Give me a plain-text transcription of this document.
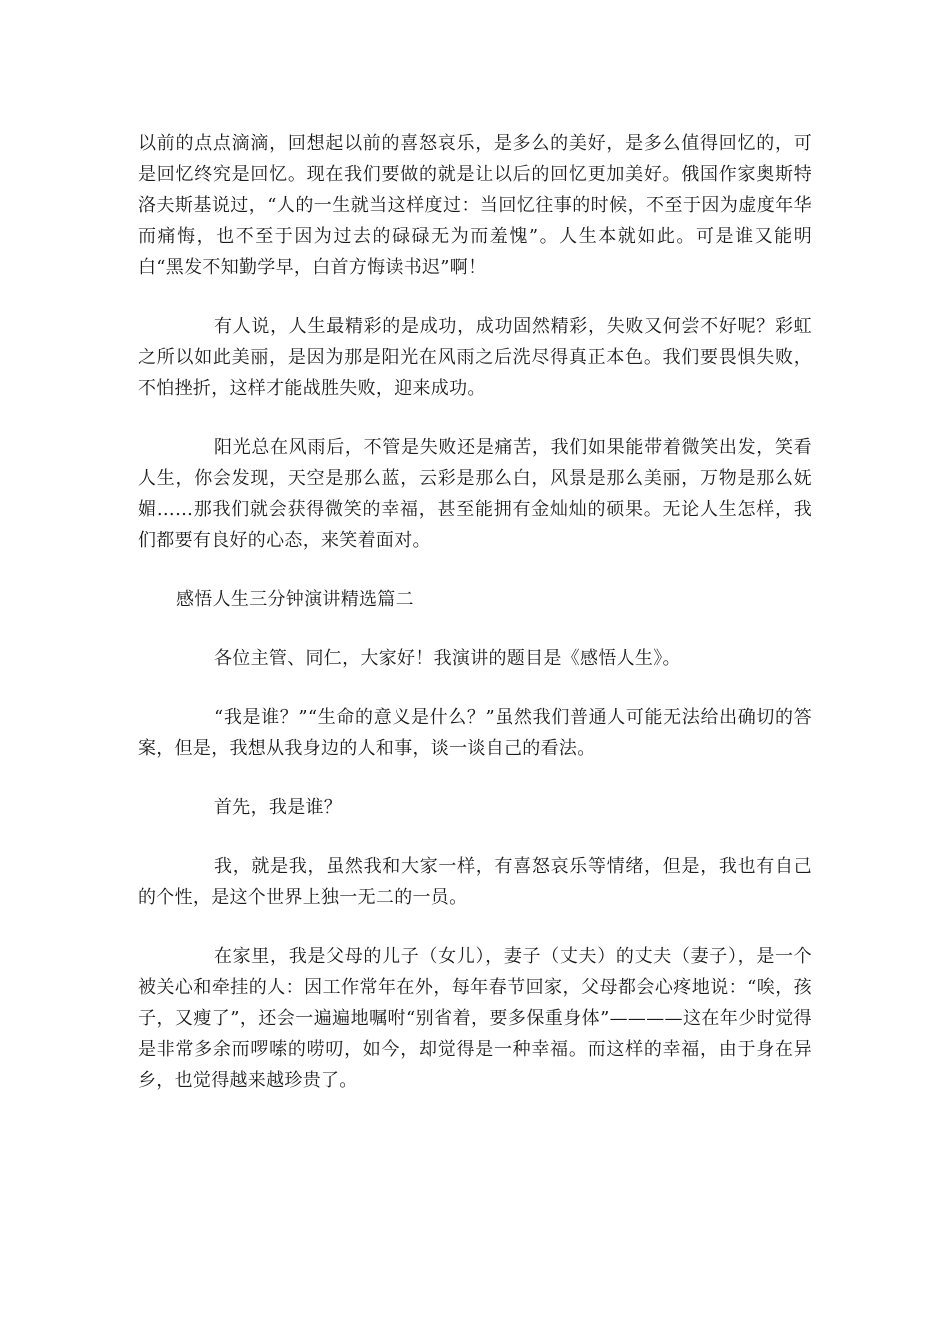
以前的点点滴滴，回想起以前的喜怒哀乐，是多么的美好，是多么值得回忆的，可是回忆终究是回忆。现在我们要做的就是让以后的回忆更加美好。俄国作家奥斯特洛夫斯基说过，“人的一生就当这样度过：当回忆往事的时候，不至于因为虚度年华而痛悔，也不至于因为过去的碌碌无为而羞愧”。人生本就如此。可是谁又能明白“黑发不知勤学早，白首方悔读书迟”啊！

有人说，人生最精彩的是成功，成功固然精彩，失败又何尝不好呢？彩虹之所以如此美丽，是因为那是阳光在风雨之后洗尽得真正本色。我们要畏惧失败，不怕挫折，这样才能战胜失败，迎来成功。

阳光总在风雨后，不管是失败还是痛苦，我们如果能带着微笑出发，笑看人生，你会发现，天空是那么蓝，云彩是那么白，风景是那么美丽，万物是那么妩媚……那我们就会获得微笑的幸福，甚至能拥有金灿灿的硕果。无论人生怎样，我们都要有良好的心态，来笑着面对。

感悟人生三分钟演讲精选篇二

各位主管、同仁，大家好！我演讲的题目是《感悟人生》。

“我是谁？”“生命的意义是什么？”虽然我们普通人可能无法给出确切的答案，但是，我想从我身边的人和事，谈一谈自己的看法。

首先，我是谁？

我，就是我，虽然我和大家一样，有喜怒哀乐等情绪，但是，我也有自己的个性，是这个世界上独一无二的一员。

在家里，我是父母的儿子（女儿），妻子（丈夫）的丈夫（妻子），是一个被关心和牵挂的人：因工作常年在外，每年春节回家，父母都会心疼地说：“唉，孩子，又瘦了”，还会一遍遍地嘱咐“别省着，要多保重身体”————这在年少时觉得是非常多余而啰嗦的唠叨，如今，却觉得是一种幸福。而这样的幸福，由于身在异乡，也觉得越来越珍贵了。
